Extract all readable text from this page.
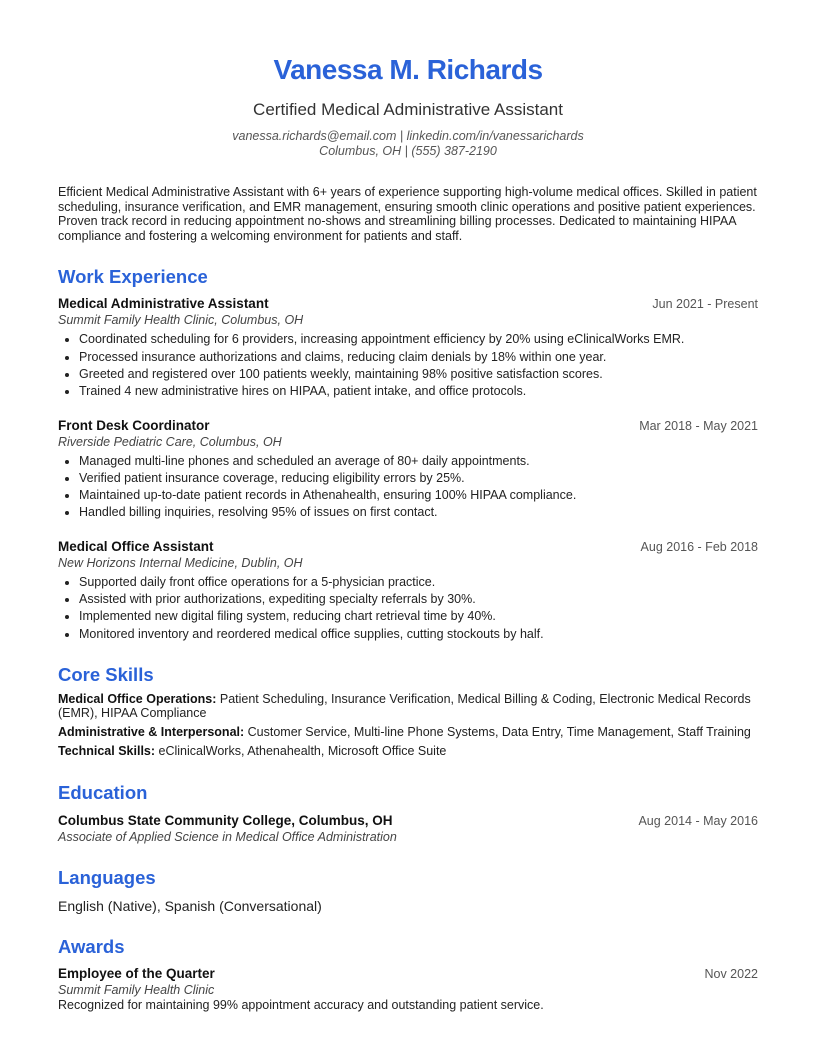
Vanessa M. Richards
Certified Medical Administrative Assistant
vanessa.richards@email.com | linkedin.com/in/vanessarichards
Columbus, OH | (555) 387-2190
Efficient Medical Administrative Assistant with 6+ years of experience supporting high-volume medical offices. Skilled in patient scheduling, insurance verification, and EMR management, ensuring smooth clinic operations and positive patient experiences. Proven track record in reducing appointment no-shows and streamlining billing processes. Dedicated to maintaining HIPAA compliance and fostering a welcoming environment for patients and staff.
Work Experience
Medical Administrative Assistant	Jun 2021 - Present
Summit Family Health Clinic, Columbus, OH
• Coordinated scheduling for 6 providers, increasing appointment efficiency by 20% using eClinicalWorks EMR.
• Processed insurance authorizations and claims, reducing claim denials by 18% within one year.
• Greeted and registered over 100 patients weekly, maintaining 98% positive satisfaction scores.
• Trained 4 new administrative hires on HIPAA, patient intake, and office protocols.
Front Desk Coordinator	Mar 2018 - May 2021
Riverside Pediatric Care, Columbus, OH
• Managed multi-line phones and scheduled an average of 80+ daily appointments.
• Verified patient insurance coverage, reducing eligibility errors by 25%.
• Maintained up-to-date patient records in Athenahealth, ensuring 100% HIPAA compliance.
• Handled billing inquiries, resolving 95% of issues on first contact.
Medical Office Assistant	Aug 2016 - Feb 2018
New Horizons Internal Medicine, Dublin, OH
• Supported daily front office operations for a 5-physician practice.
• Assisted with prior authorizations, expediting specialty referrals by 30%.
• Implemented new digital filing system, reducing chart retrieval time by 40%.
• Monitored inventory and reordered medical office supplies, cutting stockouts by half.
Core Skills
Medical Office Operations: Patient Scheduling, Insurance Verification, Medical Billing & Coding, Electronic Medical Records (EMR), HIPAA Compliance
Administrative & Interpersonal: Customer Service, Multi-line Phone Systems, Data Entry, Time Management, Staff Training
Technical Skills: eClinicalWorks, Athenahealth, Microsoft Office Suite
Education
Columbus State Community College, Columbus, OH	Aug 2014 - May 2016
Associate of Applied Science in Medical Office Administration
Languages
English (Native), Spanish (Conversational)
Awards
Employee of the Quarter	Nov 2022
Summit Family Health Clinic
Recognized for maintaining 99% appointment accuracy and outstanding patient service.
